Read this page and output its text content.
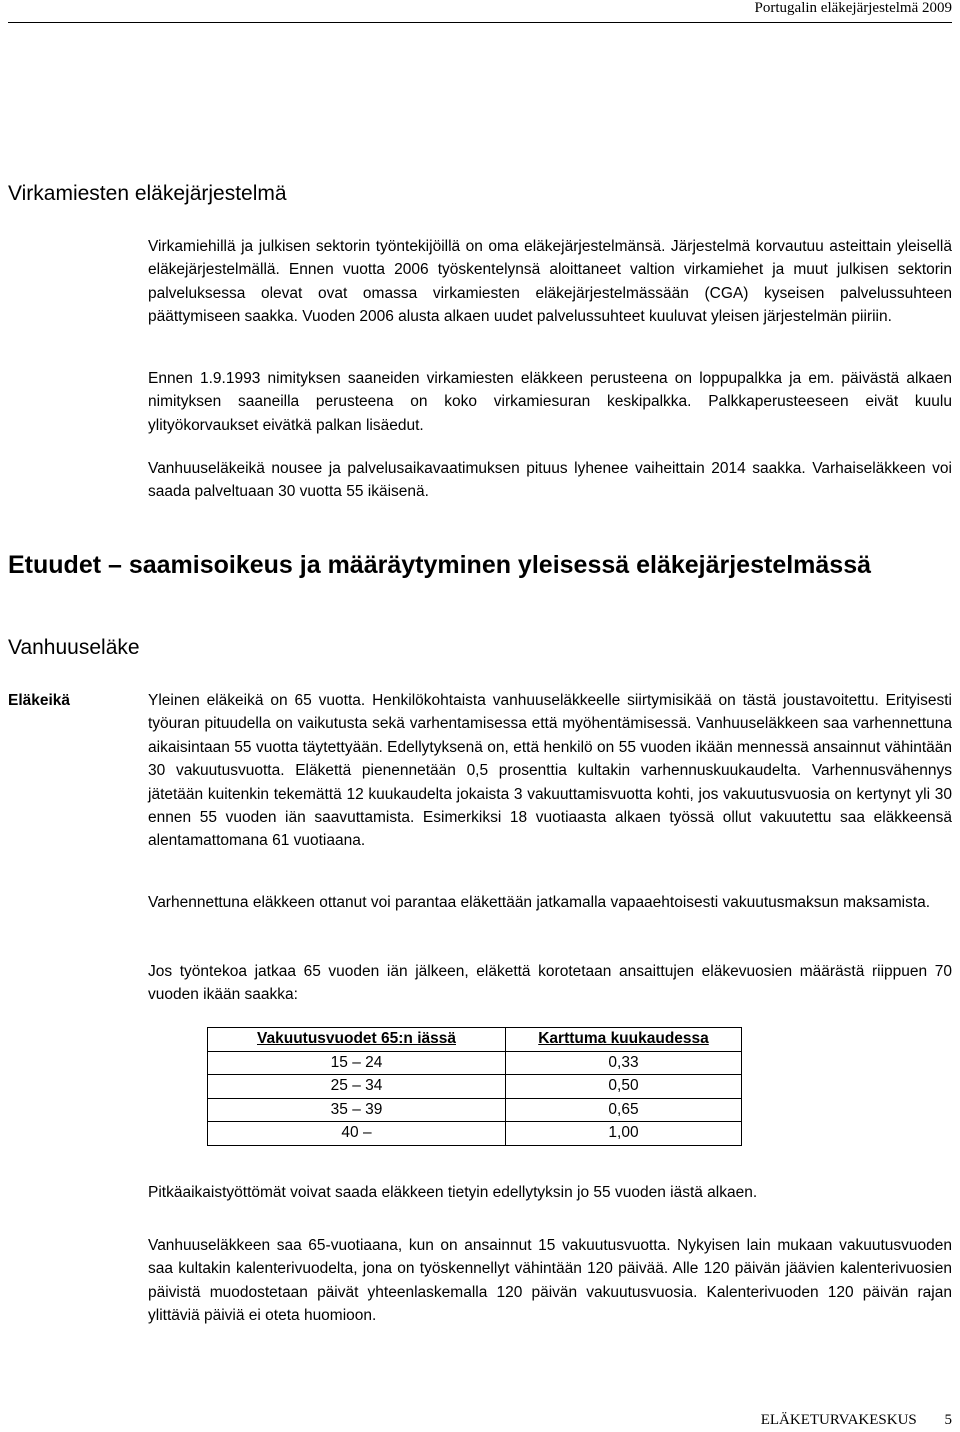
Portugalin eläkejärjestelmä 2009
Virkamiesten eläkejärjestelmä

Virkamiehillä ja julkisen sektorin työntekijöillä on oma eläkejärjestelmänsä. Järjestelmä korvautuu asteittain yleisellä eläkejärjestelmällä. Ennen vuotta 2006 työskentelynsä aloittaneet valtion virkamiehet ja muut julkisen sektorin palveluksessa olevat ovat omassa virkamiesten eläkejärjestelmässään (CGA) kyseisen palvelussuhteen päättymiseen saakka. Vuoden 2006 alusta alkaen uudet palvelussuhteet kuuluvat yleisen järjestelmän piiriin.

Ennen 1.9.1993 nimityksen saaneiden virkamiesten eläkkeen perusteena on loppupalkka ja em. päivästä alkaen nimityksen saaneilla perusteena on koko virkamiesuran keskipalkka. Palkkaperusteeseen eivät kuulu ylityökorvaukset eivätkä palkan lisäedut.

Vanhuuseläkeikä nousee ja palvelusaikavaatimuksen pituus lyhenee vaiheittain 2014 saakka. Varhaiseläkkeen voi saada palveltuaan 30 vuotta 55 ikäisenä.

Etuudet – saamisoikeus ja määräytyminen yleisessä eläkejärjestelmässä
Vanhuuseläke
Eläkeikä	Yleinen eläkeikä on 65 vuotta. Henkilökohtaista vanhuuseläkkeelle siirtymisikää on tästä joustavoitettu. Erityisesti työuran pituudella on vaikutusta sekä varhentamisessa että myöhentämisessä. Vanhuuseläkkeen saa varhennettuna aikaisintaan 55 vuotta täytettyään. Edellytyksenä on, että henkilö on 55 vuoden ikään mennessä ansainnut vähintään 30 vakuutusvuotta. Eläkettä pienennetään 0,5 prosenttia kultakin varhennuskuukaudelta. Varhennusvähennys jätetään kuitenkin tekemättä 12 kuukaudelta jokaista 3 vakuuttamisvuotta kohti, jos vakuutusvuosia on kertynyt yli 30 ennen 55 vuoden iän saavuttamista. Esimerkiksi 18 vuotiaasta alkaen työssä ollut vakuutettu saa eläkkeensä alentamattomana 61 vuotiaana.

Varhennettuna eläkkeen ottanut voi parantaa eläkettään jatkamalla vapaaehtoisesti vakuutusmaksun maksamista.

Jos työntekoa jatkaa 65 vuoden iän jälkeen, eläkettä korotetaan ansaittujen eläkevuosien määrästä riippuen 70 vuoden ikään saakka:

Vakuutusvuodet 65:n iässä	Karttuma kuukaudessa
15 – 24	0,33
25 – 34	0,50
35 – 39	0,65
40 –	1,00

Pitkäaikaistyöttömät voivat saada eläkkeen tietyin edellytyksin jo 55 vuoden iästä alkaen.

Vanhuuseläkkeen saa 65-vuotiaana, kun on ansainnut 15 vakuutusvuotta. Nykyisen lain mukaan vakuutusvuoden saa kultakin kalenterivuodelta, jona on työskennellyt vähintään 120 päivää. Alle 120 päivän jäävien kalenterivuosien päivistä muodostetaan päivät yhteenlaskemalla 120 päivän vakuutusvuosia. Kalenterivuoden 120 päivän rajan ylittäviä päiviä ei oteta huomioon.

ELÄKETURVAKESKUS 5
